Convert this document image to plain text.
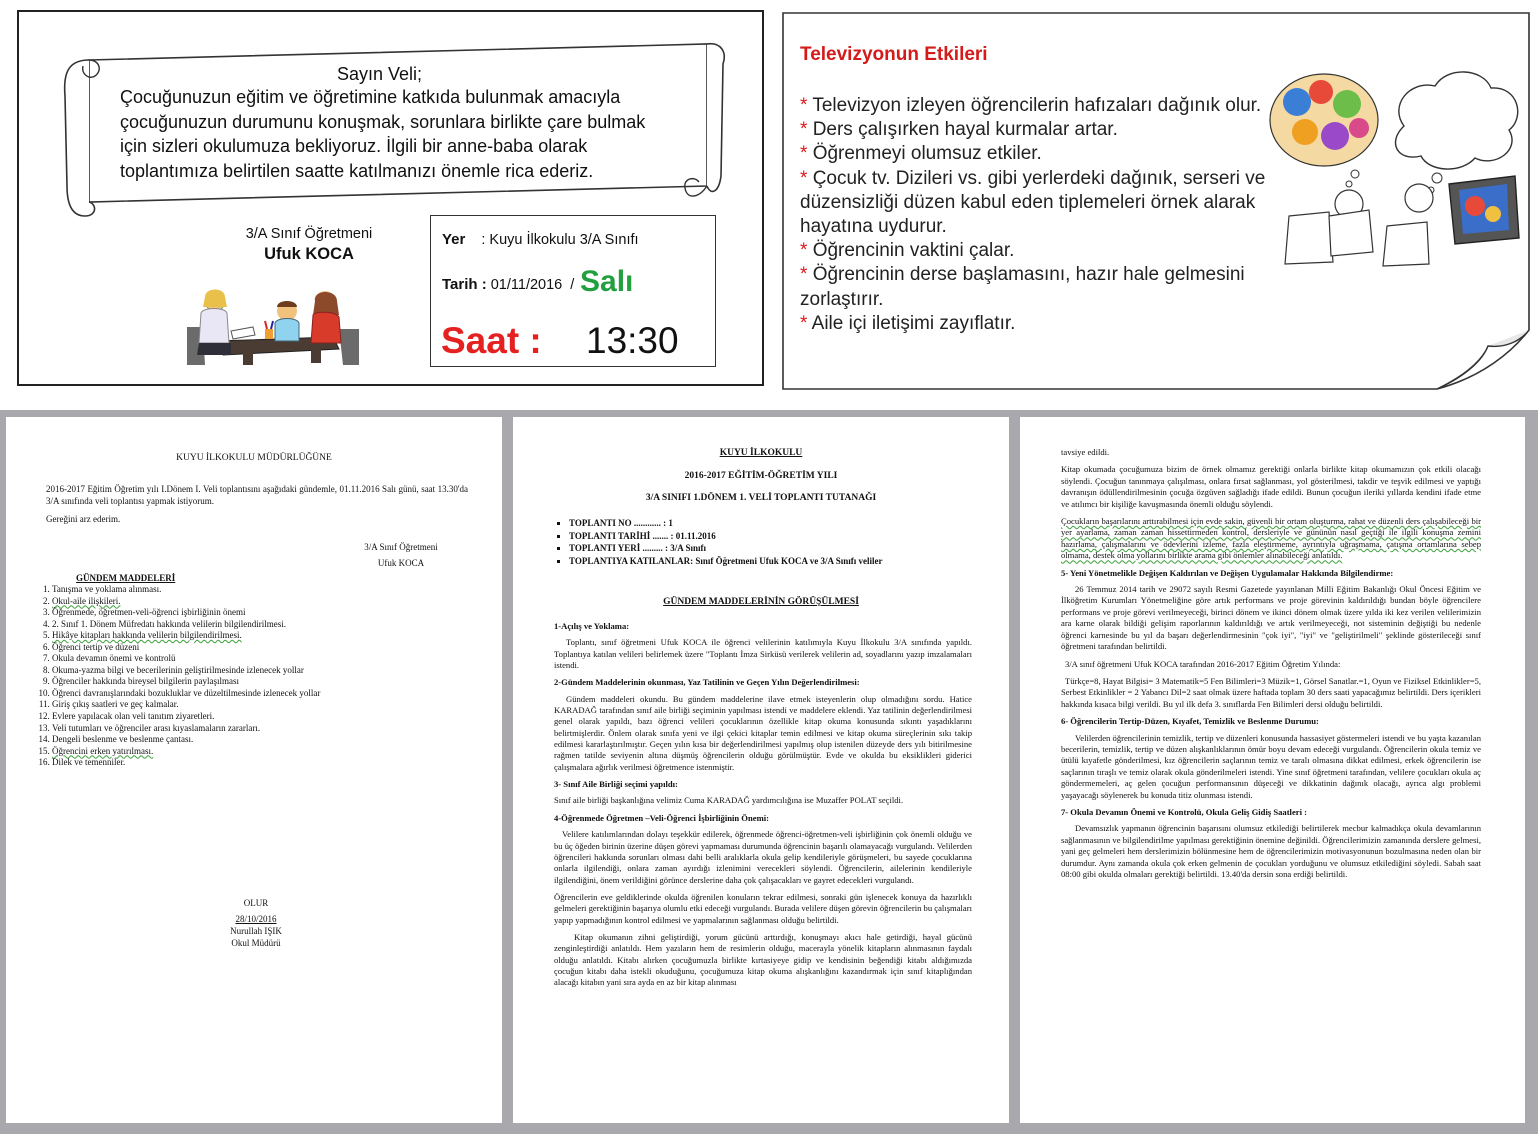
Sayın Veli;
Çocuğunuzun eğitim ve öğretimine katkıda bulunmak amacıyla
çocuğunuzun durumunu konuşmak, sorunlara birlikte çare bulmak
için sizleri okulumuza bekliyoruz. İlgili bir anne-baba olarak
toplantımıza belirtilen saatte katılmanızı önemle rica ederiz.
3/A Sınıf Öğretmeni
Ufuk KOCA
Yer : Kuyu İlkokulu 3/A Sınıfı
Tarih : 01/11/2016 / Salı
Saat : 13:30
Televizyonun Etkileri
* Televizyon izleyen öğrencilerin hafızaları dağınık olur.
* Ders çalışırken hayal kurmalar artar.
* Öğrenmeyi olumsuz etkiler.
* Çocuk tv. Dizileri vs. gibi yerlerdeki dağınık, serseri ve düzensizliği düzen kabul eden tiplemeleri örnek alarak hayatına uydurur.
* Öğrencinin vaktini çalar.
* Öğrencinin derse başlamasını, hazır hale gelmesini zorlaştırır.
* Aile içi iletişimi zayıflatır.
KUYU İLKOKULU MÜDÜRLÜĞÜNE

2016-2017 Eğitim Öğretim yılı I.Dönem I. Veli toplantısını aşağıdaki gündemle, 01.11.2016 Salı günü, saat 13.30'da 3/A sınıfında veli toplantısı yapmak istiyorum.

Gereğini arz ederim.

3/A Sınıf Öğretmeni
Ufuk KOCA
GÜNDEM MADDELERİ
1. Tanışma ve yoklama alınması.
2. Okul-aile ilişkileri.
3. Öğrenmede, öğretmen-veli-öğrenci işbirliğinin önemi
4. 2. Sınıf 1. Dönem Müfredatı hakkında velilerin bilgilendirilmesi.
5. Hikâye kitapları hakkında velilerin bilgilendirilmesi.
6. Öğrenci tertip ve düzeni
7. Okula devamın önemi ve kontrolü
8. Okuma-yazma bilgi ve becerilerinin geliştirilmesinde izlenecek yollar
9. Öğrenciler hakkında bireysel bilgilerin paylaşılması
10. Öğrenci davranışlarındaki bozukluklar ve düzeltilmesinde izlenecek yollar
11. Giriş çıkış saatleri ve geç kalmalar.
12. Evlere yapılacak olan veli tanıtım ziyaretleri.
13. Veli tutumları ve öğrenciler arası kıyaslamaların zararları.
14. Dengeli beslenme ve beslenme çantası.
15. Öğrencini erken yatırılması.
16. Dilek ve temenniler.
OLUR
28/10/2016
Nurullah IŞIK
Okul Müdürü
KUYU İLKOKULU
2016-2017 EĞİTİM-ÖĞRETİM YILI
3/A SINIFI 1.DÖNEM 1. VELİ TOPLANTI TUTANAĞI
▪ TOPLANTI NO ............ : 1
▪ TOPLANTI TARİHİ ....... : 01.11.2016
▪ TOPLANTI YERİ ......... : 3/A Sınıfı
▪ TOPLANTIYA KATILANLAR: Sınıf Öğretmeni Ufuk KOCA ve 3/A Sınıfı veliler
GÜNDEM MADDELERİNİN GÖRÜŞÜLMESİ
1-Açılış ve Yoklama:

Toplantı, sınıf öğretmeni Ufuk KOCA ile öğrenci velilerinin katılımıyla Kuyu İlkokulu 3/A sınıfında yapıldı. Toplantıya katılan velileri belirlemek üzere "Toplantı İmza Sirküsü verilerek velilerin ad, soyadlarını yazıp imzalamaları istendi.

2-Gündem Maddelerinin okunması, Yaz Tatilinin ve Geçen Yılın Değerlendirilmesi:

Gündem maddeleri okundu. Bu gündem maddelerine ilave etmek isteyenlerin olup olmadığını sordu. Hatice KARADAĞ tarafından sınıf aile birliği seçiminin yapılması istendi ve maddelere eklendi. Yaz tatilinin değerlendirilmesi genel olarak yapıldı, bazı öğrenci velileri çocuklarının özellikle kitap okuma konusunda sıkıntı yaşadıklarını belirtmişlerdir. Önlem olarak sınıfa yeni ve ilgi çekici kitaplar temin edilmesi ve kitap okuma süreçlerinin sıkı takip edilmesi kararlaştırılmıştır. Geçen yılın kısa bir değerlendirilmesi yapılmış olup istenilen düzeyde ders yılı bitirilmesine rağmen tatilde seviyenin altına düşmüş öğrencilerin olduğu görülmüştür. Evde ve okulda bu eksiklikleri giderici çalışmalara ağırlık verilmesi öğretmence istenmiştir.

3- Sınıf Aile Birliği seçimi yapıldı:

Sınıf aile birliği başkanlığına velimiz Cuma KARADAĞ yardımcılığına ise Muzaffer POLAT seçildi.

4-Öğrenmede Öğretmen –Veli-Öğrenci İşbirliğinin Önemi:

Velilere katılımlarından dolayı teşekkür edilerek, öğrenmede öğrenci-öğretmen-veli işbirliğinin çok önemli olduğu ve bu üç öğeden birinin üzerine düşen görevi yapmaması durumunda öğrencinin başarılı olamayacağı vurgulandı. Velilerden öğrencileri hakkında sorunları olması dahi belli aralıklarla okula gelip kendileriyle görüşmeleri, bu sayede çocuklarına onlarla ilgilendiği, onlara zaman ayırdığı izlenimini verecekleri söylendi. Öğrencilerin, ailelerinin kendileriyle ilgilendiğini, önem verildiğini görünce derslerine daha çok çalışacakları ve gayret edecekleri vurgulandı.

Öğrencilerin eve geldiklerinde okulda öğrenilen konuların tekrar edilmesi, sonraki gün işlenecek konuya da hazırlıklı gelmeleri gerektiğinin başarıya olumlu etki edeceği vurgulandı. Burada velilere düşen görevin öğrencilerin bu çalışmaları yapıp yapmadığının kontrol edilmesi ve yapmalarının sağlanması olduğu belirtildi.

Kitap okumanın zihni geliştirdiği, yorum gücünü arttırdığı, konuşmayı akıcı hale getirdiği, hayal gücünü zenginleştirdiği anlatıldı. Hem yazıların hem de resimlerin olduğu, macerayla yönelik kitapların alınmasının faydalı olduğu anlatıldı. Kitabı alırken çocuğumuzla birlikte kırtasiyeye gidip ve kendisinin beğendiği kitabı aldığımızda çocuğun kitabı daha istekli okuduğunu, çocuğumuza kitap okuma alışkanlığını kazandırmak için sınıf kitaplığından alacağı kitabın yani sıra ayda en az bir kitap alınması

tavsiye edildi.

Kitap okumada çocuğumuza bizim de örnek olmamız gerektiği onlarla birlikte kitap okumamızın çok etkili olacağı söylendi. Çocuğun tanınmaya çalışılması, onlara fırsat sağlanması, yol gösterilmesi, takdir ve teşvik edilmesi ve yaptığı davranışın ödüllendirilmesinin çocuğa özgüven sağladığı ifade edildi. Bunun çocuğun ileriki yıllarda kendini ifade etme ve atılımcı bir kişiliğe kavuşmasında önemli olduğu söylendi.

Çocukların başarılarını arttırabilmesi için evde sakin, güvenli bir ortam oluşturma, rahat ve düzenli ders çalışabileceği bir yer ayarlama, zaman zaman hissettirmeden kontrol, dersleriyle ve gününün nasıl geçtiği ile ilgili konuşma zemini hazırlama, çalışmalarını ve ödevlerini izleme, fazla eleştirmeme, ayrıntıyla uğraşmama, çatışma ortamlarına sebep olmama, destek olma yollarını birlikte arama gibi önlemler alınabileceği anlatıldı.

5- Yeni Yönetmelikle Değişen Kaldırılan ve Değişen Uygulamalar Hakkında Bilgilendirme:

26 Temmuz 2014 tarih ve 29072 sayılı Resmi Gazetede yayınlanan Milli Eğitim Bakanlığı Okul Öncesi Eğitim ve İlköğretim Kurumları Yönetmeliğine göre artık performans ve proje görevinin kaldırıldığı bundan böyle öğrencilere performans ve proje görevi verilmeyeceği, birinci dönem ve ikinci dönem olmak üzere yılda iki kez verilen velilerimizin ara karne olarak bildiği gelişim raporlarının kaldırıldığı ve artık verilmeyeceği, not sisteminin değiştiği bu nedenle öğrenci karnesinde bu yıl da başarı değerlendirmesinin "çok iyi", "iyi" ve "geliştirilmeli" şeklinde gösterileceği sınıf öğretmeni tarafından belirtildi.

3/A sınıf öğretmeni Ufuk KOCA tarafından 2016-2017 Eğitim Öğretim Yılında:

Türkçe=8, Hayat Bilgisi= 3 Matematik=5 Fen Bilimleri=3 Müzik=1, Görsel Sanatlar.=1, Oyun ve Fiziksel Etkinlikler=5, Serbest Etkinlikler = 2 Yabancı Dil=2 saat olmak üzere haftada toplam 30 ders saati yapacağımız belirtildi. Ders içerikleri hakkında kısaca bilgi verildi. Bu yıl ilk defa 3. sınıflarda Fen Bilimleri dersi olduğu belirtildi.

6- Öğrencilerin Tertip-Düzen, Kıyafet, Temizlik ve Beslenme Durumu:

Velilerden öğrencilerinin temizlik, tertip ve düzenleri konusunda hassasiyet göstermeleri istendi ve bu yaşta kazanılan becerilerin, temizlik, tertip ve düzen alışkanlıklarının ömür boyu devam edeceği vurgulandı. Öğrencilerin okula temiz ve ütülü kıyafetle gönderilmesi, kız öğrencilerin saçlarının temiz ve taralı olmasına dikkat edilmesi, erkek öğrencilerin ise saçlarının tıraşlı ve temiz olarak okula gönderilmeleri istendi. Yine sınıf öğretmeni tarafından, velilere çocukları okula aç göndermemeleri, aç gelen çocuğun performansının düşeceği ve dikkatinin dağınık olacağı, ayrıca algı problemi yaşayacağı söylenerek bu konuda titiz olunması istendi.

7- Okula Devamın Önemi ve Kontrolü, Okula Geliş Gidiş Saatleri :

Devamsızlık yapmanın öğrencinin başarısını olumsuz etkilediği belirtilerek mecbur kalmadıkça okula devamlarının sağlanmasının ve bilgilendirilme yapılması gerektiğinin önemine değinildi. Öğrencilerimizin zamanında derslere gelmesi, yani geç gelmeleri hem derslerimizin bölünmesine hem de öğrencilerimizin motivasyonunun bozulmasına neden olan bir durumdur. Aynı zamanda okula çok erken gelmenin de çocukları yorduğunu ve olumsuz etkilediğini söyledi. Sabah saat 08:00 gibi okulda olmaları gerektiği belirtildi. 13.40'da dersin sona erdiği belirtildi.
